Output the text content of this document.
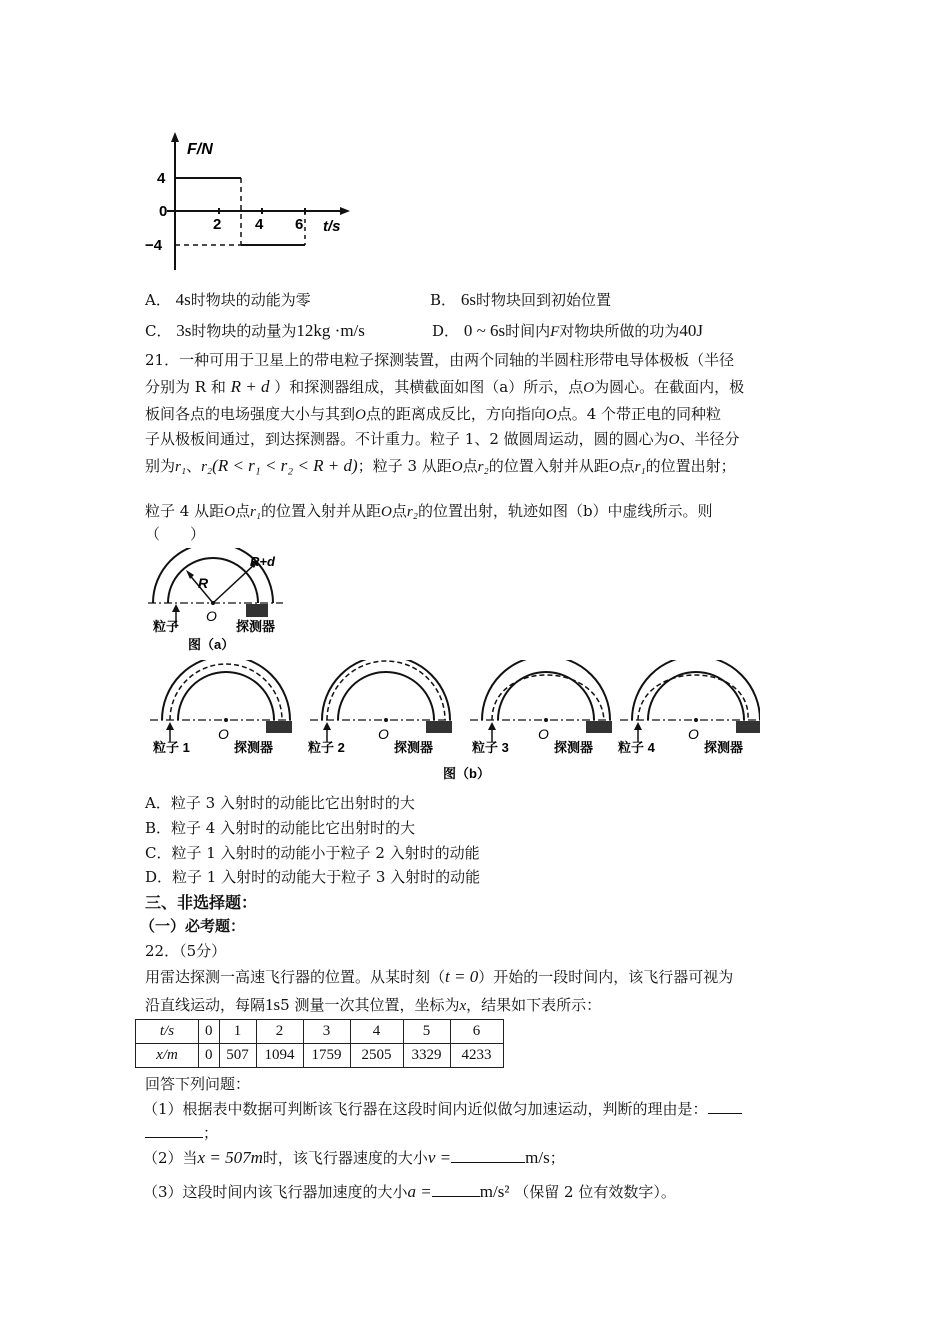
F/N
t/s
4
0
−4
2 4 6
A． 4s时物块的动能为零	B． 6s时物块回到初始位置
C． 3s时物块的动量为12kg ·m/s	D． 0 ~ 6s时间内F对物块所做的功为40J
21．一种可用于卫星上的带电粒子探测装置，由两个同轴的半圆柱形带电导体极板（半径
分别为 R 和 R + d ）和探测器组成，其横截面如图（a）所示，点O为圆心。在截面内，极
板间各点的电场强度大小与其到O点的距离成反比，方向指向O点。4 个带正电的同种粒
子从极板间通过，到达探测器。不计重力。粒子 1、2 做圆周运动，圆的圆心为O、半径分
别为r₁、r₂(R < r₁ < r₂ < R + d)；粒子 3 从距O点r₂的位置入射并从距O点r₁的位置出射；
粒子 4 从距O点r₁的位置入射并从距O点r₂的位置出射，轨迹如图（b）中虚线所示。则
（　　）
R
R+d
O
粒子	探测器
图（a）
粒子 1
O
探测器	粒子 2
O
探测器	粒子 3
O
探测器 粒子 4
O
探测器
图（b）
A．粒子 3 入射时的动能比它出射时的大
B．粒子 4 入射时的动能比它出射时的大
C．粒子 1 入射时的动能小于粒子 2 入射时的动能
D．粒子 1 入射时的动能大于粒子 3 入射时的动能
三、非选择题：
（一）必考题：
22．（5分）
用雷达探测一高速飞行器的位置。从某时刻（t = 0）开始的一段时间内，该飞行器可视为
沿直线运动，每隔1s5 测量一次其位置，坐标为x，结果如下表所示：
t/s	0	1	2	3	4	5	6
x/m	0	507	1094	1759	2505	3329	4233
回答下列问题：
（1）根据表中数据可判断该飞行器在这段时间内近似做匀加速运动，判断的理由是：
；
（2）当x = 507m时，该飞行器速度的大小v =	m/s；
（3）这段时间内该飞行器加速度的大小a =	m/s² （保留 2 位有效数字）。
